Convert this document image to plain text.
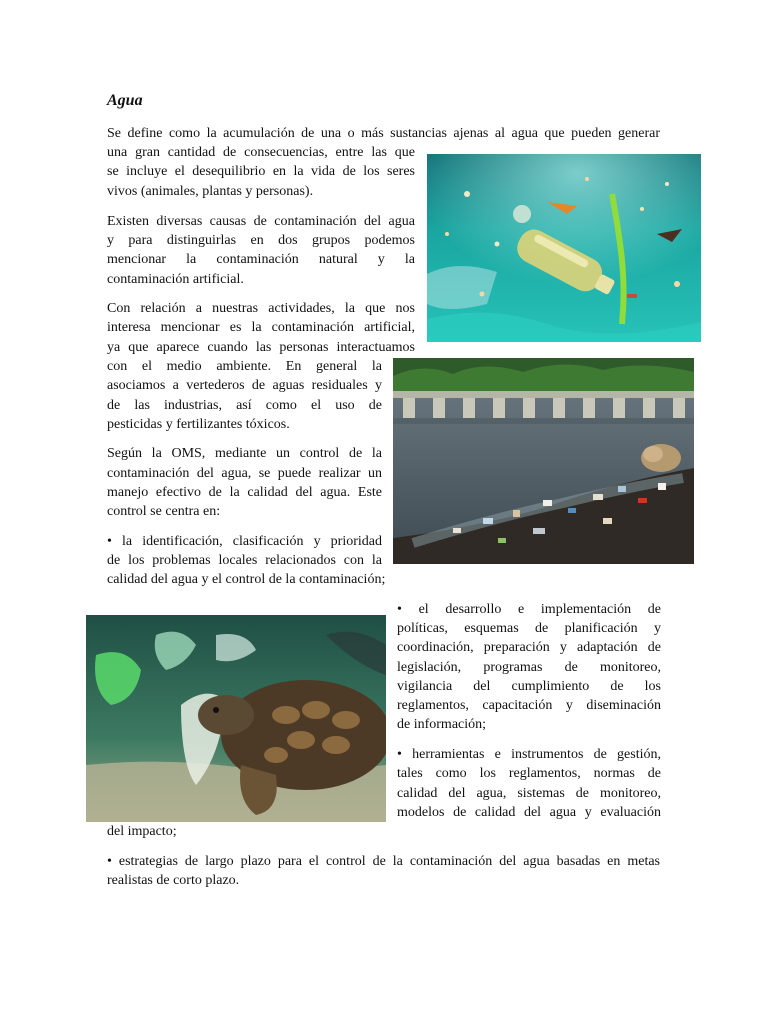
Agua
Se define como la acumulación de una o más sustancias ajenas al agua que pueden generar
una gran cantidad de consecuencias, entre las que
se incluye el desequilibrio en la vida de los seres
vivos (animales, plantas y personas).
Existen diversas causas de contaminación del agua
y para distinguirlas en dos grupos podemos
mencionar la contaminación natural y la
contaminación artificial.
Con relación a nuestras actividades, la que nos
interesa mencionar es la contaminación artificial,
ya que aparece cuando las personas interactuamos
con el medio ambiente. En general la
asociamos a vertederos de aguas residuales y
de las industrias, así como el uso de
pesticidas y fertilizantes tóxicos.
Según la OMS, mediante un control de la
contaminación del agua, se puede realizar un
manejo efectivo de la calidad del agua. Este
control se centra en:
• la identificación, clasificación y prioridad
de los problemas locales relacionados con la
calidad del agua y el control de la contaminación;
• el desarrollo e implementación de
políticas, esquemas de planificación y
coordinación, preparación y adaptación de
legislación, programas de monitoreo,
vigilancia del cumplimiento de los
reglamentos, capacitación y diseminación
de información;
• herramientas e instrumentos de gestión,
tales como los reglamentos, normas de
calidad del agua, sistemas de monitoreo,
modelos de calidad del agua y evaluación
del impacto;
• estrategias de largo plazo para el control de la contaminación del agua basadas en metas
realistas de corto plazo.
